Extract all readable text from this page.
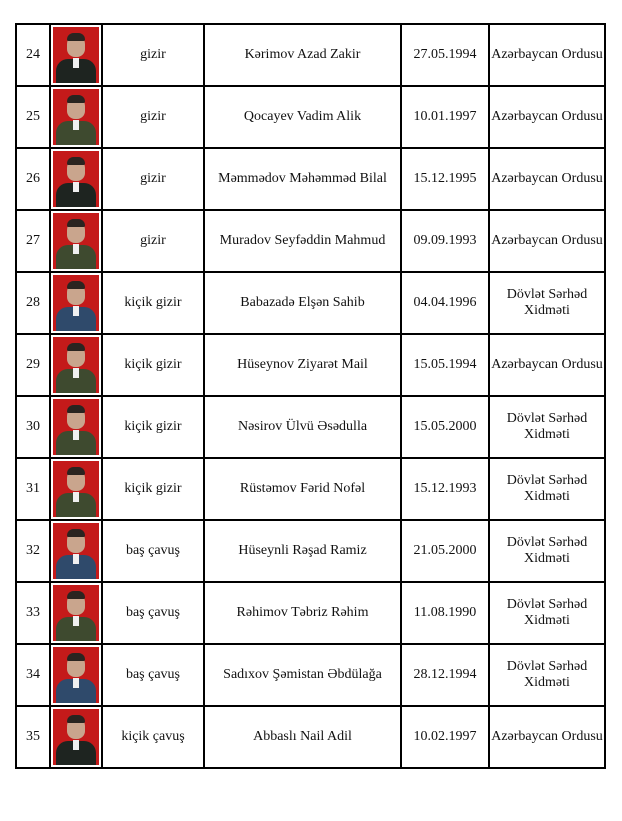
24		gizir	Kərimov Azad Zakir	27.05.1994	Azərbaycan Ordusu
25		gizir	Qocayev Vadim Alik	10.01.1997	Azərbaycan Ordusu
26		gizir	Məmmədov Məhəmməd Bilal	15.12.1995	Azərbaycan Ordusu
27		gizir	Muradov Seyfəddin Mahmud	09.09.1993	Azərbaycan Ordusu
28		kiçik gizir	Babazadə Elşən Sahib	04.04.1996	Dövlət Sərhəd Xidməti
29		kiçik gizir	Hüseynov Ziyarət Mail	15.05.1994	Azərbaycan Ordusu
30		kiçik gizir	Nəsirov Ülvü Əsədulla	15.05.2000	Dövlət Sərhəd Xidməti
31		kiçik gizir	Rüstəmov Fərid Nofəl	15.12.1993	Dövlət Sərhəd Xidməti
32		baş çavuş	Hüseynli Rəşad Ramiz	21.05.2000	Dövlət Sərhəd Xidməti
33		baş çavuş	Rəhimov Təbriz Rəhim	11.08.1990	Dövlət Sərhəd Xidməti
34		baş çavuş	Sadıxov Şəmistan Əbdülağa	28.12.1994	Dövlət Sərhəd Xidməti
35		kiçik çavuş	Abbaslı Nail Adil	10.02.1997	Azərbaycan Ordusu
